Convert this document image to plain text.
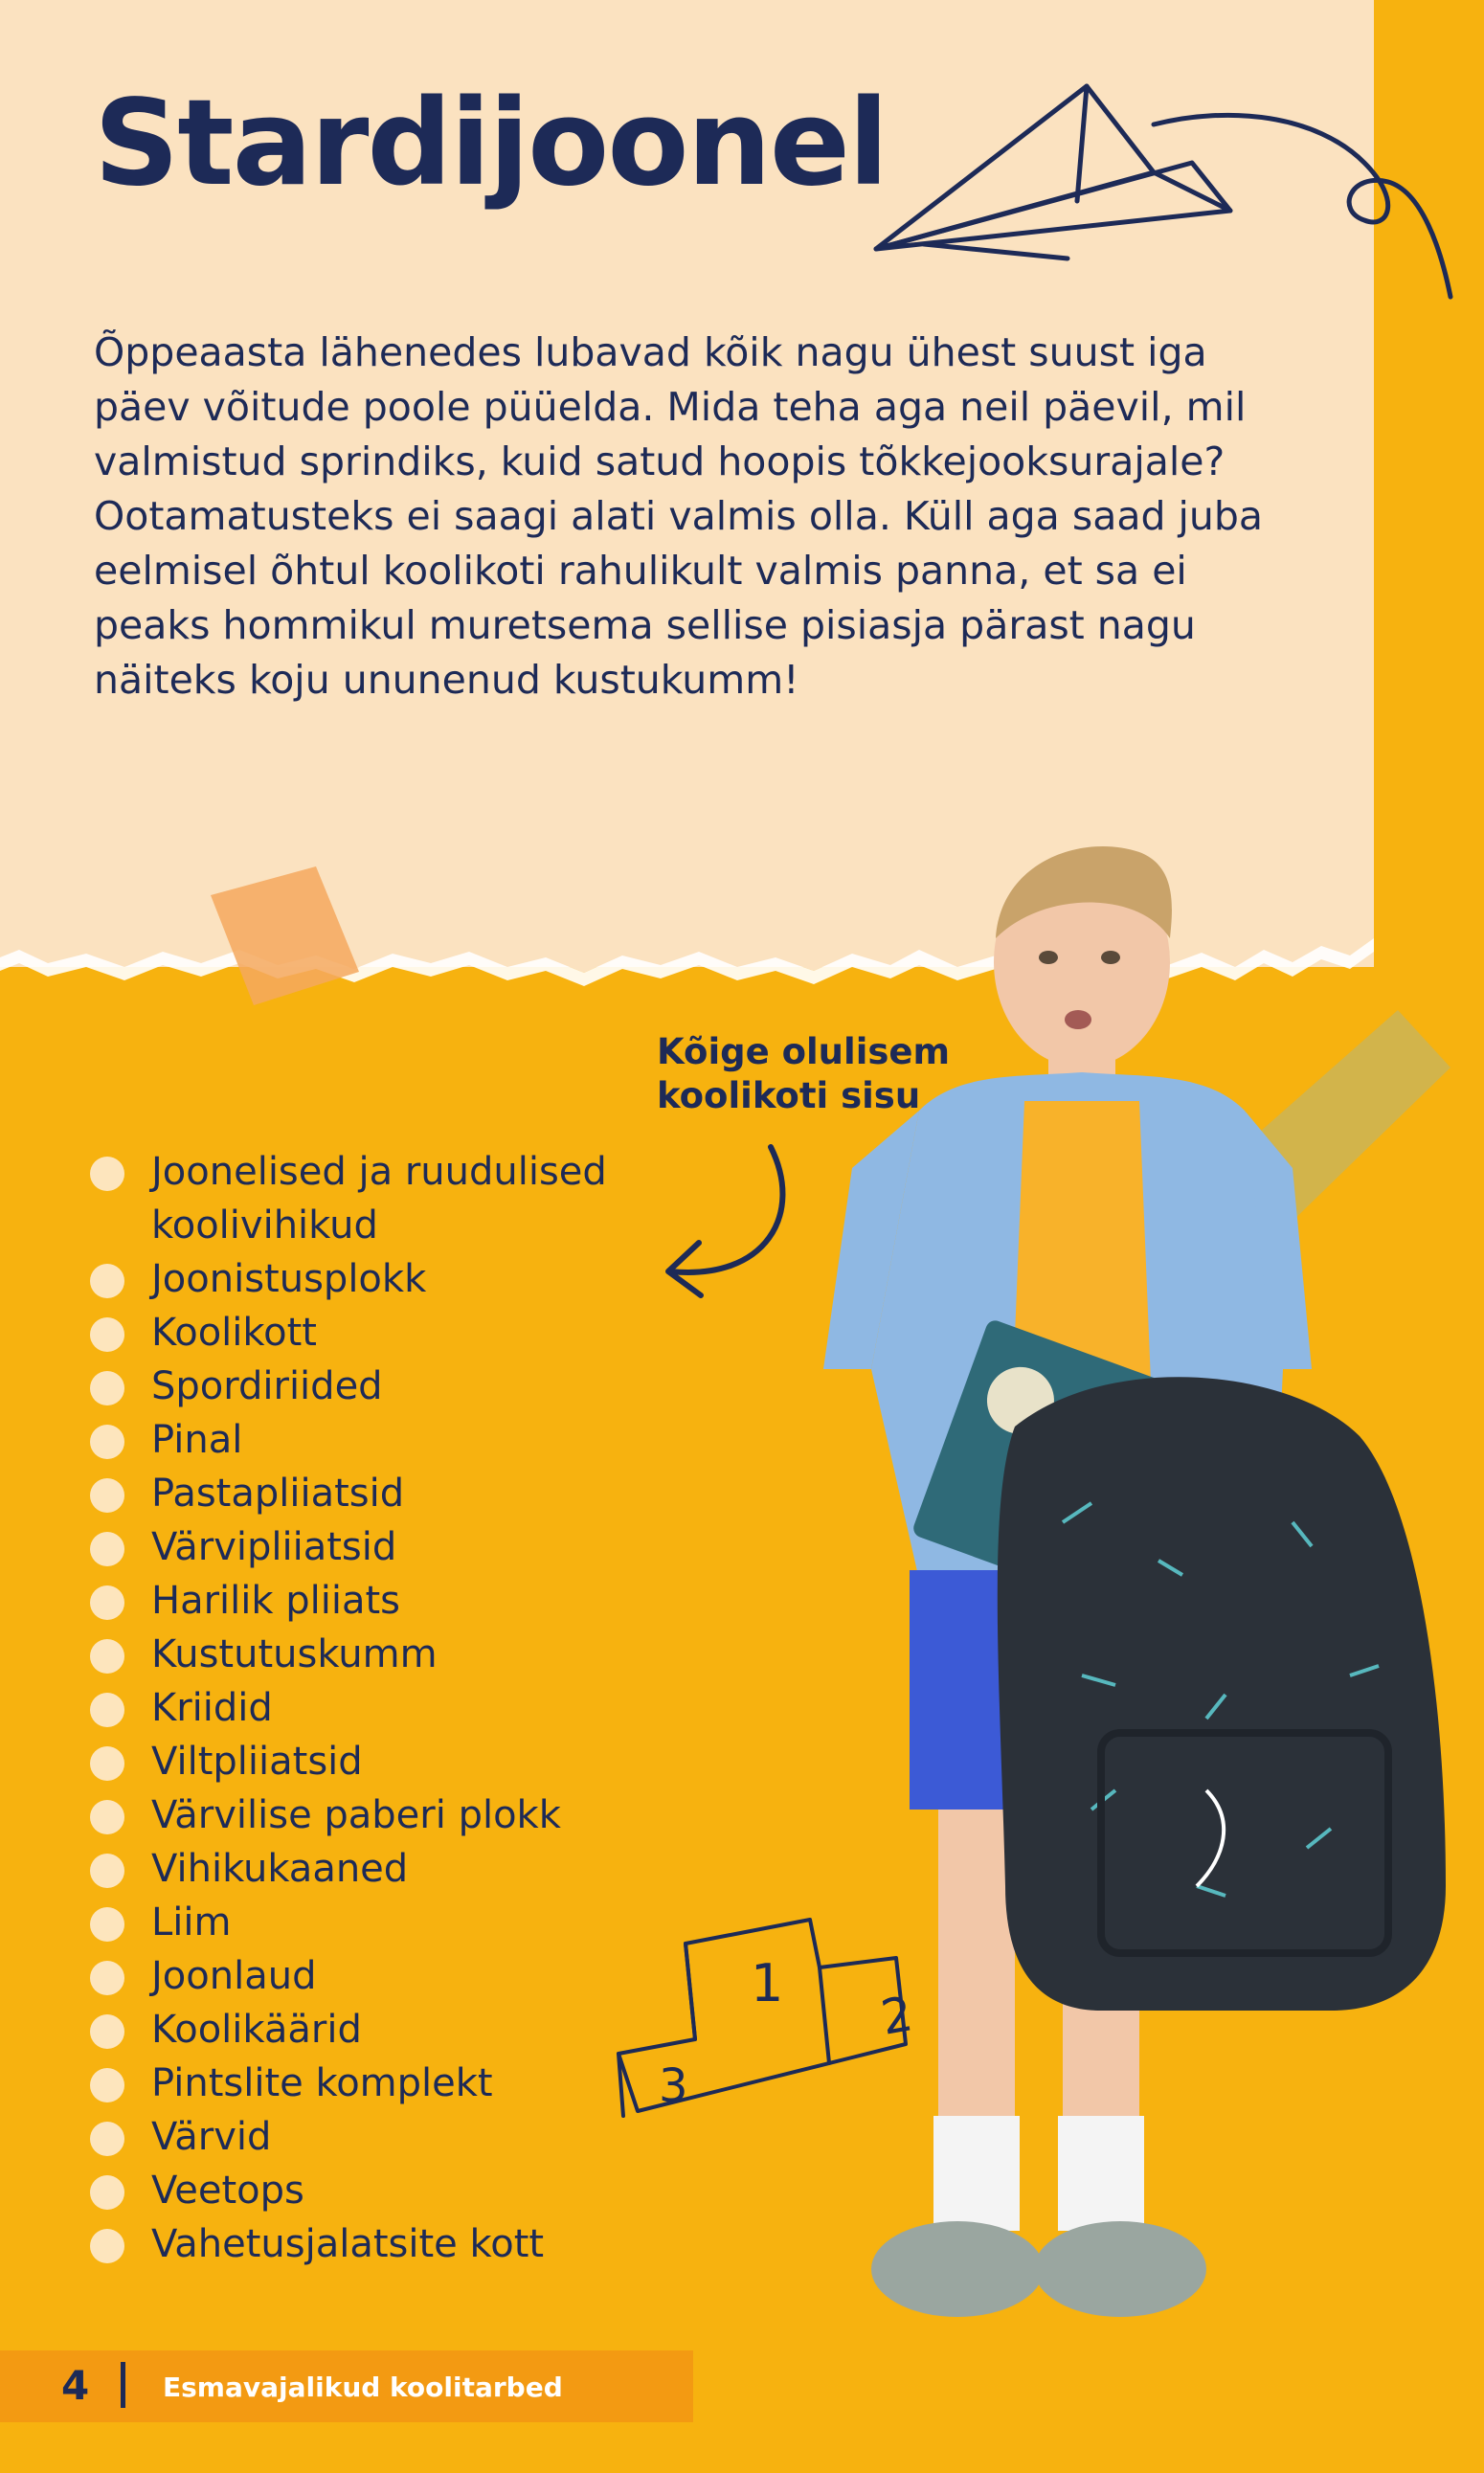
Stardijoonel

Õppeaasta lähenedes lubavad kõik nagu ühest suust iga päev võitude poole püüelda. Mida teha aga neil päevil, mil valmistud sprindiks, kuid satud hoopis tõkkejooksurajale?

Ootamatusteks ei saagi alati valmis olla. Küll aga saad juba eelmisel õhtul koolikoti rahulikult valmis panna, et sa ei peaks hommikul muretsema sellise pisiasja pärast nagu näiteks koju ununenud kustukumm!

Kõige olulisem koolikoti sisu
Joonelised ja ruudulised koolivihikud
Joonistusplokk
Koolikott
Spordiriided
Pinal
Pastapliiatsid
Värvipliiatsid
Harilik pliiats
Kustutuskumm
Kriidid
Viltpliiatsid
Värvilise paberi plokk
Vihikukaaned
Liim
Joonlaud
Koolikäärid
Pintslite komplekt
Värvid
Veetops
Vahetusjalatsite kott
1
2
3
4	Esmavajalikud koolitarbed
